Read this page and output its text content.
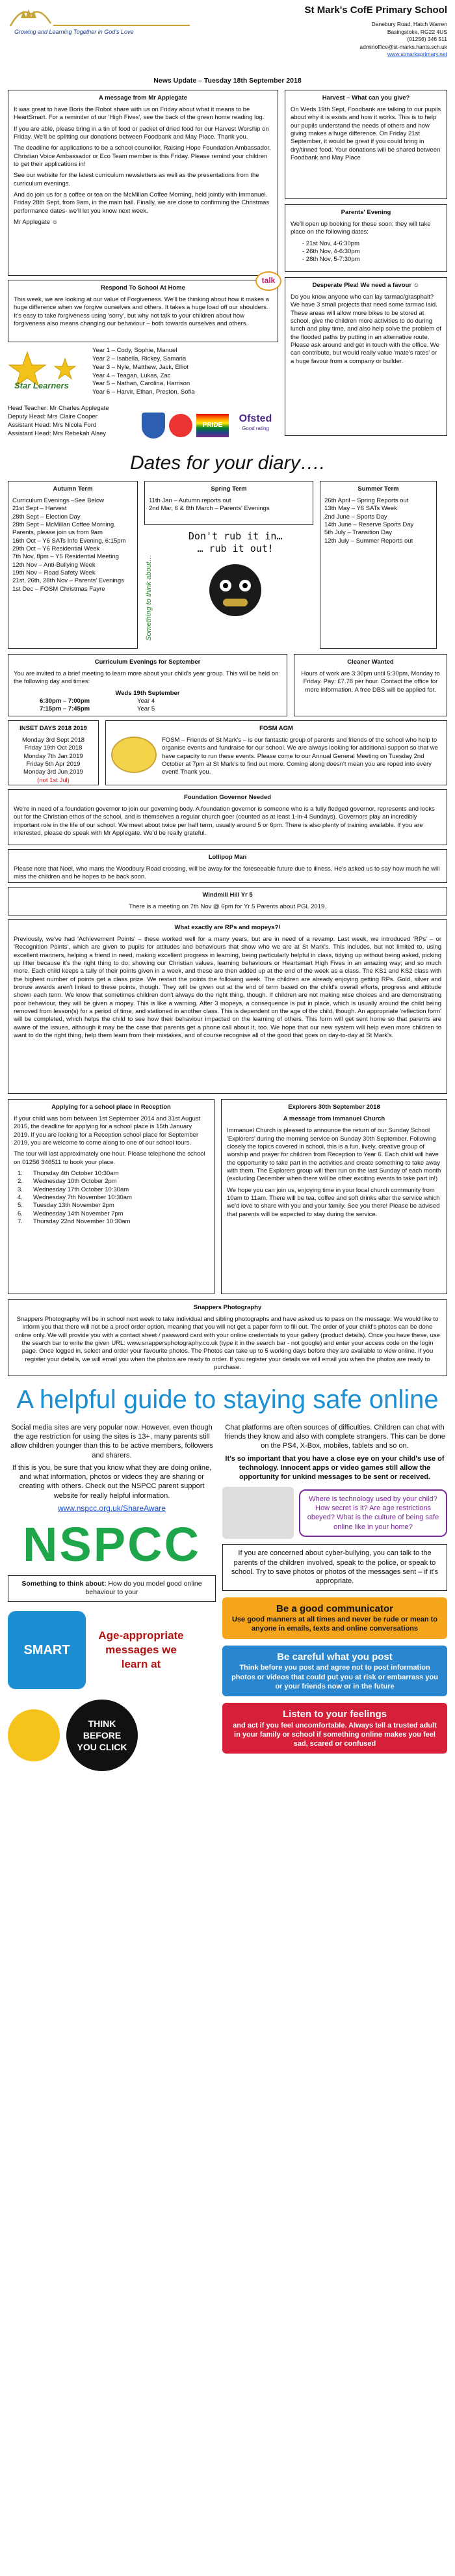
Growing and Learning Together in God's Love
St Mark's CofE Primary School
Danebury Road, Hatch Warren
Basingstoke, RG22 4US
(01256) 346 511
adminoffice@st-marks.hants.sch.uk
www.stmarksprimary.net
News Update – Tuesday 18th September 2018
A message from Mr Applegate

It was great to have Boris the Robot share with us on Friday about what it means to be HeartSmart. For a reminder of our 'High Fives', see the back of the green home reading log.

If you are able, please bring in a tin of food or packet of dried food for our Harvest Worship on Friday. We'll be splitting our donations between Foodbank and May Place. Thank you.

The deadline for applications to be a school councillor, Raising Hope Foundation Ambassador, Christian Voice Ambassador or Eco Team member is this Friday. Please remind your children to get their applications in!

See our website for the latest curriculum newsletters as well as the presentations from the curriculum evenings.

And do join us for a coffee or tea on the McMillan Coffee Morning, held jointly with Immanuel. Friday 28th Sept, from 9am, in the main hall. Finally, we are close to confirming the Christmas performance dates- we'll let you know next week.

Mr Applegate ☺

Respond To School At Home

This week, we are looking at our value of Forgiveness. We'll be thinking about how it makes a huge difference when we forgive ourselves and others. It takes a huge load off our shoulders. It's easy to take forgiveness using 'sorry', but why not talk to your children about how forgiveness also means changing our behaviour – both towards ourselves and others.

talk
Star Learners
Year 1 – Cody, Sophie, Manuel
Year 2 – Isabella, Rickey, Samaria
Year 3 – Nyle, Matthew, Jack, Elliot
Year 4 – Teagan, Lukas, Zac
Year 5 – Nathan, Carolina, Harrison
Year 6 – Harvir, Ethan, Preston, Sofia
Head Teacher: Mr Charles Applegate
Deputy Head: Mrs Claire Cooper
Assistant Head: Mrs Nicola Ford
Assistant Head: Mrs Rebekah Alsey
PRIDE
Ofsted
Good rating
Harvest – What can you give?

On Weds 19th Sept, Foodbank are talking to our pupils about why it is exists and how it works. This is to help our pupils understand the needs of others and how giving makes a huge difference. On Friday 21st September, it would be great if you could bring in dry/tinned food. Your donations will be shared between Foodbank and May Place

Parents' Evening

We'll open up booking for these soon; they will take place on the following dates:

- 21st Nov, 4-6:30pm
- 26th Nov, 4-6:30pm
- 28th Nov, 5-7:30pm
Desperate Plea! We need a favour ☺

Do you know anyone who can lay tarmac/grasphalt? We have 3 small projects that need some tarmac laid. These areas will allow more bikes to be stored at school, give the children more activities to do during lunch and play time, and also help solve the problem of the flooded paths by putting in an alternative route. Please ask around and get in touch with the office. We can contribute, but would really value 'mate's rates' or a huge favour from a company or builder.

Dates for your diary….
Autumn Term
Curriculum Evenings –See Below
21st Sept – Harvest
28th Sept – Election Day
28th Sept – McMillan Coffee Morning. Parents, please join us from 9am
16th Oct – Y6 SATs Info Evening, 6:15pm
29th Oct – Y6 Residential Week
7th Nov, 8pm – Y5 Residential Meeting
12th Nov – Anti-Bullying Week
19th Nov – Road Safety Week
21st, 26th, 28th Nov – Parents' Evenings
1st Dec – FOSM Christmas Fayre
Spring Term
11th Jan – Autumn reports out
2nd Mar, 6 & 8th March – Parents' Evenings
Something to think about…
Don't rub it in…
… rub it out!
Summer Term
26th April – Spring Reports out
13th May – Y6 SATs Week
2nd June – Sports Day
14th June – Reserve Sports Day
5th July – Transition Day
12th July – Summer Reports out
Curriculum Evenings for September

You are invited to a brief meeting to learn more about your child's year group. This will be held on the following day and times:

Weds 19th September
6:30pm – 7:00pm	Year 4
7:15pm – 7:45pm	Year 5
Cleaner Wanted

Hours of work are 3:30pm until 5:30pm, Monday to Friday. Pay: £7.78 per hour. Contact the office for more information. A free DBS will be applied for.

INSET DAYS 2018 2019
Monday 3rd Sept 2018
Friday 19th Oct 2018
Monday 7th Jan 2019
Friday 5th Apr 2019
Monday 3rd Jun 2019
(not 1st Jul)
FOSM AGM

FOSM – Friends of St Mark's – is our fantastic group of parents and friends of the school who help to organise events and fundraise for our school. We are always looking for additional support so that we have capacity to run these events. Please come to our Annual General Meeting on Tuesday 2nd October at 7pm at St Mark's to find out more. Coming along doesn't mean you are roped into every event! Thank you.

Foundation Governor Needed

We're in need of a foundation governor to join our governing body. A foundation governor is someone who is a fully fledged governor, represents and looks out for the Christian ethos of the school, and is themselves a regular church goer (counted as at least 1-in-4 Sundays). Governors play an incredibly important role in the life of our school. We meet about twice per half term, usually around 5 or 6pm. There is also plenty of training available. If you are interested, please do speak with Mr Applegate. We'd be really grateful.

Lollipop Man

Please note that Noel, who mans the Woodbury Road crossing, will be away for the foreseeable future due to illness. He's asked us to say how much he will miss the children and he hopes to be back soon.

Windmill Hill Yr 5

There is a meeting on 7th Nov @ 6pm for Yr 5 Parents about PGL 2019.

What exactly are RPs and mopeys?!

Previously, we've had 'Achievement Points' – these worked well for a many years, but are in need of a revamp. Last week, we introduced 'RPs' – or 'Recognition Points', which are given to pupils for attitudes and behaviours that show who we are at St Mark's. This includes, but not limited to, using excellent manners, helping a friend in need, making excellent progress in learning, being particularly helpful in class, tidying up without being asked, picking up litter because it's the right thing to do; showing our Christian values, learning behaviours or Heartsmart High Fives in an amazing way; and so much more. Each child keeps a tally of their points given in a week, and these are then added up at the end of the week as a class. The KS1 and KS2 class with the highest number of points get a class prize. We restart the points the following week. The children are already enjoying getting RPs. Gold, silver and bronze awards aren't linked to these points, though. They will be given out at the end of term based on the child's overall efforts, progress and attitude shown each term. We know that sometimes children don't always do the right thing, though. If children are not making wise choices and are demonstrating poor behaviour, they will be given a mopey. This is like a warning. After 3 mopeys, a consequence is put in place, which is usually around the child being removed from lesson(s) for a period of time, and stationed in another class. This is dependent on the age of the child, though. An appropriate 'reflection form' will be completed, which helps the child to see how their behaviour impacted on the learning of others. This form will get sent home so that parents are aware of the issues, although it may be the case that parents get a phone call about it, too. We hope that our new system will help even more children to want to do the right thing, help them learn from their mistakes, and of course recognise all of the good that goes on day-to-day at St Mark's.

Applying for a school place in Reception

If your child was born between 1st September 2014 and 31st August 2015, the deadline for applying for a school place is 15th January 2019. If you are looking for a Reception school place for September 2019, you are welcome to come along to one of our school tours.

The tour will last approximately one hour. Please telephone the school on 01256 346511 to book your place.

1.	Thursday 4th October 10:30am
2.	Wednesday 10th October 2pm
3.	Wednesday 17th October 10:30am
4.	Wednesday 7th November 10:30am
5.	Tuesday 13th November 2pm
6.	Wednesday 14th November 7pm
7.	Thursday 22nd November 10:30am
Explorers 30th September 2018
A message from Immanuel Church

Immanuel Church is pleased to announce the return of our Sunday School 'Explorers' during the morning service on Sunday 30th September. Following closely the topics covered in school, this is a fun, lively, creative group of worship and prayer for children from Reception to Year 6. Each child will have the opportunity to take part in the activities and create something to take away with them. The Explorers group will then run on the last Sunday of each month (excluding December when there will be other exciting events to take part in!)

We hope you can join us, enjoying time in your local church community from 10am to 11am. There will be tea, coffee and soft drinks after the service which we'd love to share with you and your family. See you there! Please be advised that parents will be expected to stay during the service.

Snappers Photography

Snappers Photography will be in school next week to take individual and sibling photographs and have asked us to pass on the message: We would like to inform you that there will not be a proof order option, meaning that you will not get a paper form to fill out. The order of your child's photos can be done online only. We will provide you with a contact sheet / password card with your online credentials to your gallery (product details). Once you have these, use the search bar to write the given URL: www.snappersphotography.co.uk (type it in the search bar - not google) and enter your access code on the login page. Once logged in, select and order your favourite photos. The Photos can take up to 5 working days before they are available to view online. If you register your details, we will email you when the photos are ready to order. If you register your details we will email you when the photos are ready to purchase.

A helpful guide to staying safe online

Social media sites are very popular now. However, even though the age restriction for using the sites is 13+, many parents still allow children younger than this to be active members, followers and sharers.

If this is you, be sure that you know what they are doing online, and what information, photos or videos they are sharing or creating with others. Check out the NSPCC parent support website for really helpful information.

www.nspcc.org.uk/ShareAware
NSPCC
Something to think about: How do you model good online behaviour to your
SMART
Age-appropriate messages we learn at
THINK BEFORE YOU CLICK

Chat platforms are often sources of difficulties. Children can chat with friends they know and also with complete strangers. This can be done on the PS4, X-Box, mobiles, tablets and so on.

It's so important that you have a close eye on your child's use of technology. Innocent apps or video games still allow the opportunity for unkind messages to be sent or received.

Where is technology used by your child? How secret is it? Are age restrictions obeyed? What is the culture of being safe online like in your home?
If you are concerned about cyber-bullying, you can talk to the parents of the children involved, speak to the police, or speak to school. Try to save photos or photos of the messages sent – if it's appropriate.
Be a good communicator
Use good manners at all times and never be rude or mean to anyone in emails, texts and online conversations
Be careful what you post
Think before you post and agree not to post information photos or videos that could put you at risk or embarrass you or your friends now or in the future
Listen to your feelings
and act if you feel uncomfortable. Always tell a trusted adult in your family or school if something online makes you feel sad, scared or confused
